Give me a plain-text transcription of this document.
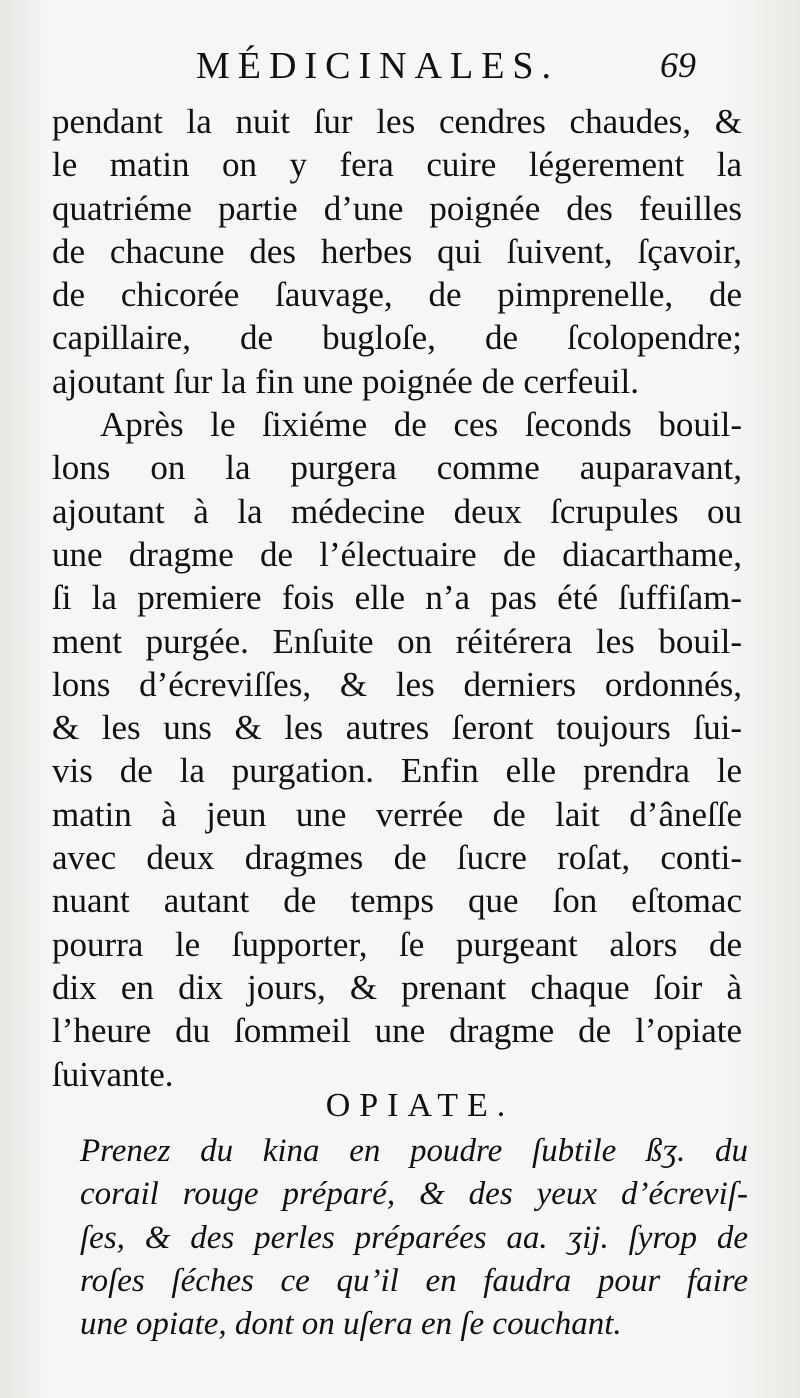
MÉDICINALES.	69
pendant la nuit ſur les cendres chaudes, &
le matin on y fera cuire légerement la
quatriéme partie d’une poignée des feuilles
de chacune des herbes qui ſuivent, ſçavoir,
de chicorée ſauvage, de pimprenelle, de
capillaire, de bugloſe, de ſcolopendre;
ajoutant ſur la fin une poignée de cerfeuil.
Après le ſixiéme de ces ſeconds bouil-
lons on la purgera comme auparavant,
ajoutant à la médecine deux ſcrupules ou
une dragme de l’électuaire de diacarthame,
ſi la premiere fois elle n’a pas été ſuffiſam-
ment purgée. Enſuite on réitérera les bouil-
lons d’écreviſſes, & les derniers ordonnés,
& les uns & les autres ſeront toujours ſui-
vis de la purgation. Enfin elle prendra le
matin à jeun une verrée de lait d’âneſſe
avec deux dragmes de ſucre roſat, conti-
nuant autant de temps que ſon eſtomac
pourra le ſupporter, ſe purgeant alors de
dix en dix jours, & prenant chaque ſoir à
l’heure du ſommeil une dragme de l’opiate
ſuivante.
OPIATE.
Prenez du kina en poudre ſubtile ßʒ. du
corail rouge préparé, & des yeux d’écreviſ-
ſes, & des perles préparées aa. ʒij. ſyrop de
roſes ſéches ce qu’il en faudra pour faire
une opiate, dont on uſera en ſe couchant.
